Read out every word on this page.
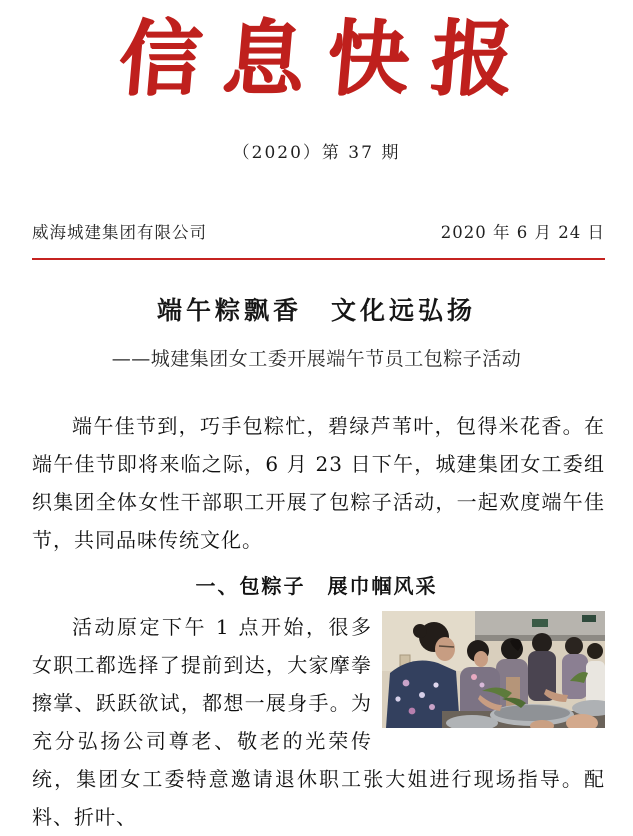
信息快报
（2020）第 37 期
威海城建集团有限公司	2020 年 6 月 24 日
端午粽飘香　文化远弘扬
——城建集团女工委开展端午节员工包粽子活动
端午佳节到，巧手包粽忙，碧绿芦苇叶，包得米花香。在端午佳节即将来临之际，6 月 23 日下午，城建集团女工委组织集团全体女性干部职工开展了包粽子活动，一起欢度端午佳节，共同品味传统文化。
一、包粽子　展巾帼风采
活动原定下午 1 点开始，很多女职工都选择了提前到达，大家摩拳擦掌、跃跃欲试，都想一展身手。为充分弘扬公司尊老、敬老的光荣传统，集团女工委特意邀请退休职工张大姐进行现场指导。配料、折叶、
